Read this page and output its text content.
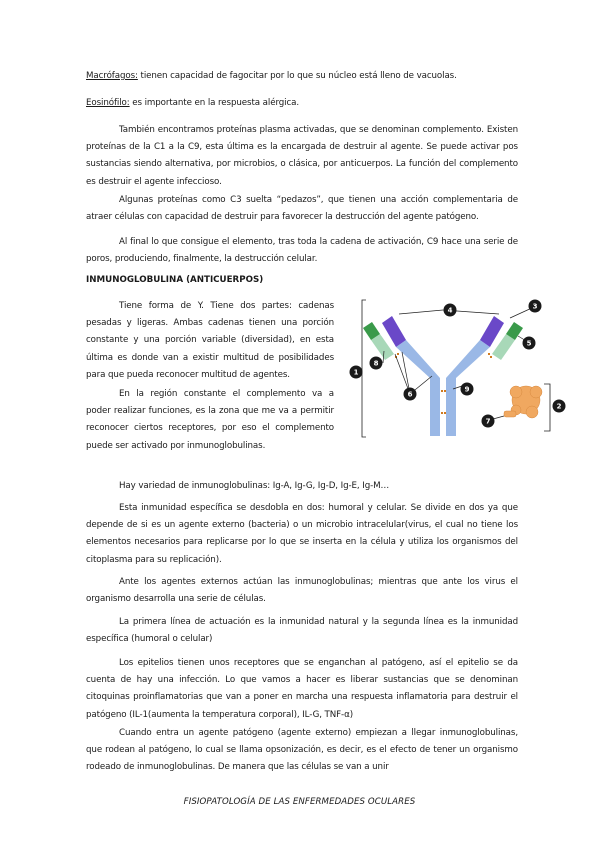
Macrófagos: tienen capacidad de fagocitar por lo que su núcleo está lleno de vacuolas.

Eosinófilo: es importante en la respuesta alérgica.

También encontramos proteínas plasma activadas, que se denominan complemento. Existen proteínas de la C1 a la C9, esta última es la encargada de destruir al agente. Se puede activar pos sustancias siendo alternativa, por microbios, o clásica, por anticuerpos. La función del complemento es destruir el agente infeccioso.

Algunas proteínas como C3 suelta “pedazos”, que tienen una acción complementaria de atraer células con capacidad de destruir para favorecer la destrucción del agente patógeno.

Al final lo que consigue el elemento, tras toda la cadena de activación, C9 hace una serie de poros, produciendo, finalmente, la destrucción celular.

INMUNOGLOBULINA (ANTICUERPOS)

Tiene forma de Y. Tiene dos partes: cadenas pesadas y ligeras. Ambas cadenas tienen una porción constante y una porción variable (diversidad), en esta última es donde van a existir multitud de posibilidades para que pueda reconocer multitud de agentes.

En la región constante el complemento va a poder realizar funciones, es la zona que me va a permitir reconocer ciertos receptores, por eso el complemento puede ser activado por inmunoglobulinas.

Hay variedad de inmunoglobulinas: Ig-A, Ig-G, Ig-D, Ig-E, Ig-M…

Esta inmunidad específica se desdobla en dos: humoral y celular. Se divide en dos ya que depende de si es un agente externo (bacteria) o un microbio intracelular(virus, el cual no tiene los elementos necesarios para replicarse por lo que se inserta en la célula y utiliza los organismos del citoplasma para su replicación).

Ante los agentes externos actúan las inmunoglobulinas; mientras que ante los virus el organismo desarrolla una serie de células.

La primera línea de actuación es la inmunidad natural y la segunda línea es la inmunidad específica (humoral o celular)

Los epitelios tienen unos receptores que se enganchan al patógeno, así el epitelio se da cuenta de hay una infección. Lo que vamos a hacer es liberar sustancias que se denominan citoquinas proinflamatorias que van a poner en marcha una respuesta inflamatoria para destruir el patógeno (IL-1(aumenta la temperatura corporal), IL-G, TNF-α)

Cuando entra un agente patógeno (agente externo) empiezan a llegar inmunoglobulinas, que rodean al patógeno, lo cual se llama opsonización, es decir, es el efecto de tener un organismo rodeado de inmunoglobulinas. De manera que las células se van a unir

1
2
3
4
5
6
7
8
9
FISIOPATOLOGÍA DE LAS ENFERMEDADES OCULARES
